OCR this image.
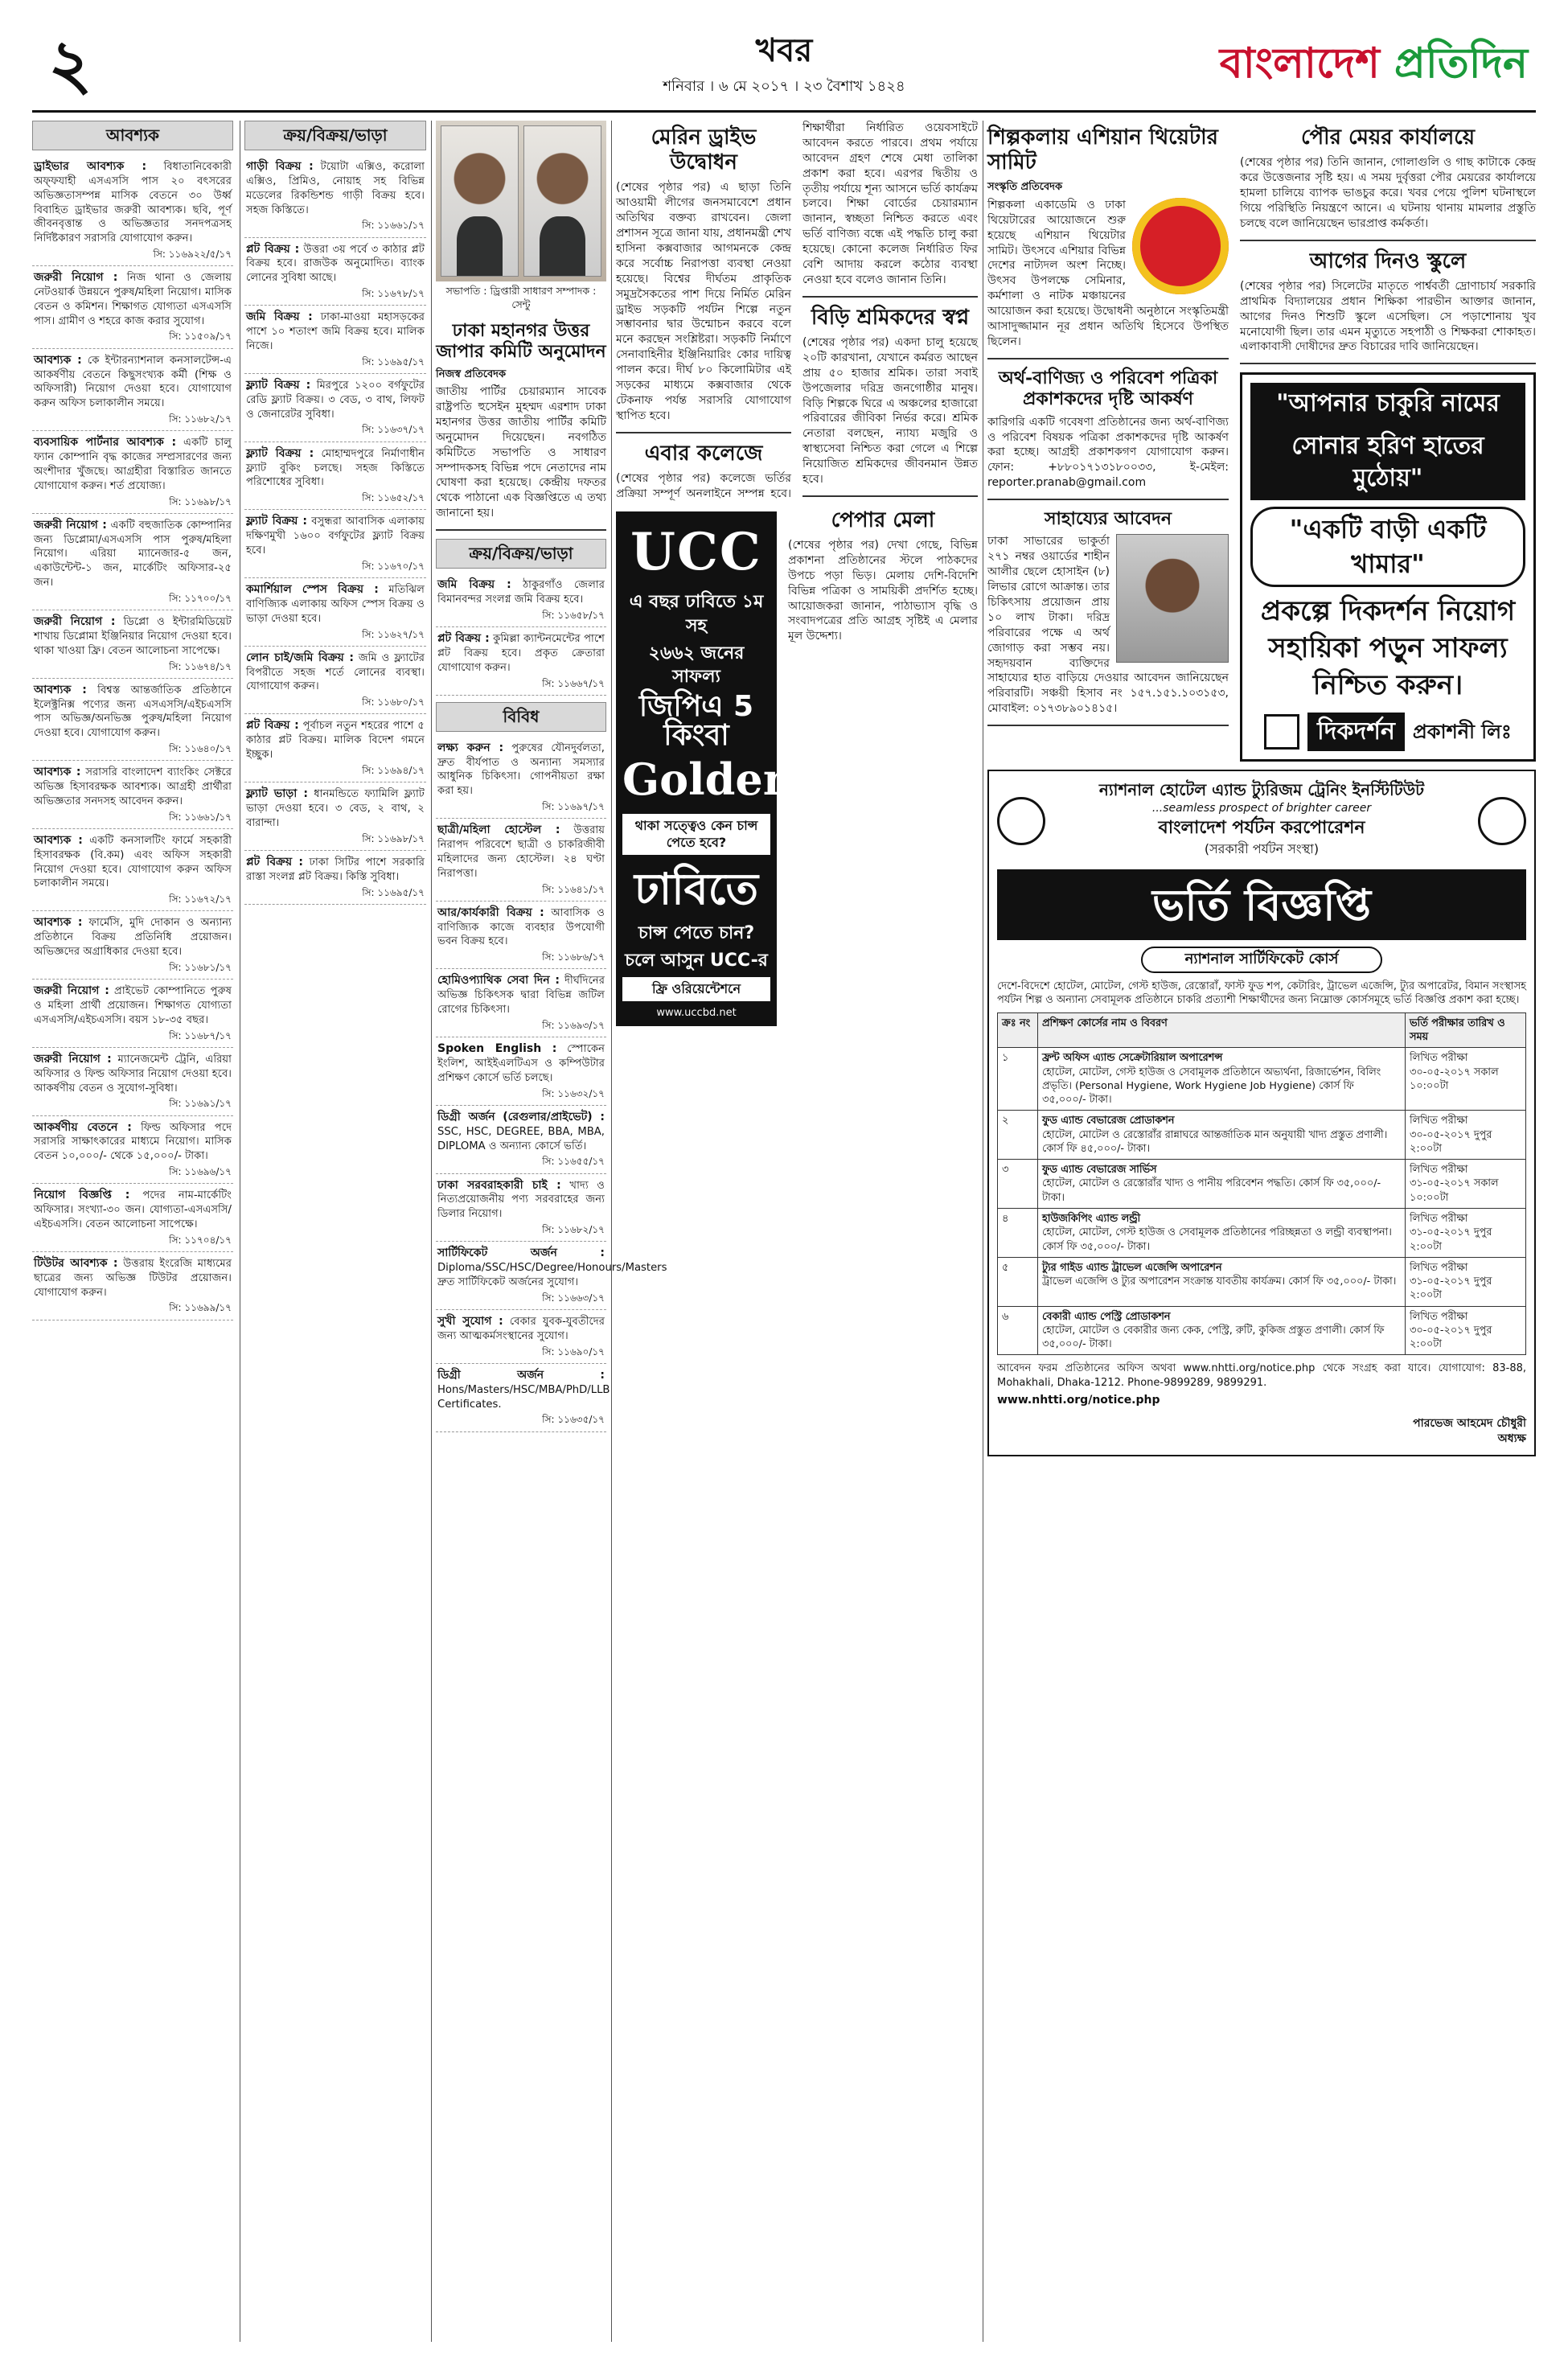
২	খবর
শনিবার । ৬ মে ২০১৭ । ২৩ বৈশাখ ১৪২৪	বাংলাদেশ প্রতিদিন
আবশ্যক
ড্রাইভার আবশ্যক : বিধাতানিবেকারী অফ্ফযাহী এসএসসি পাস ২০ বৎসরের অভিজ্ঞতাসম্পন্ন মাসিক বেতনে ৩০ উর্ধ্ব বিবাহিত ড্রাইভার জরুরী আবশ্যক। ছবি, পূর্ণ জীবনবৃত্তান্ত ও অভিজ্ঞতার সনদপত্রসহ নির্দিষ্টকারণ সরাসরি যোগাযোগ করুন।
সি: ১১৬৯২২/৫/১৭
জরুরী নিয়োগ : নিজ থানা ও জেলায় নেটওয়ার্ক উন্নয়নে পুরুষ/মহিলা নিয়োগ। মাসিক বেতন ও কমিশন। শিক্ষাগত যোগ্যতা এসএসসি পাস। গ্রামীণ ও শহরে কাজ করার সুযোগ।
সি: ১১৫০৯/১৭
আবশ্যক : কে ইন্টারন্যাশনাল কনসালটেন্স-এ আকর্ষণীয় বেতনে কিছুসংখ্যক কর্মী (শিক্ষ ও অফিসারী) নিয়োগ দেওয়া হবে। যোগাযোগ করুন অফিস চলাকালীন সময়ে।
সি: ১১৬৮২/১৭
ব্যবসায়িক পার্টনার আবশ্যক : একটি চালু ফ্যান কোম্পানি বৃদ্ধ কাজের সম্প্রসারণের জন্য অংশীদার খুঁজছে। আগ্রহীরা বিস্তারিত জানতে যোগাযোগ করুন। শর্ত প্রযোজ্য।
সি: ১১৬৯৮/১৭
জরুরী নিয়োগ : একটি বহুজাতিক কোম্পানির জন্য ডিপ্লোমা/এসএসসি পাস পুরুষ/মহিলা নিয়োগ। এরিয়া ম্যানেজার-৫ জন, একাউন্টেন্ট-১ জন, মার্কেটিং অফিসার-২৫ জন।
সি: ১১৭০০/১৭
জরুরী নিয়োগ : ডিপ্লো ও ইন্টারমিডিয়েট শাখায় ডিপ্লোমা ইঞ্জিনিয়ার নিয়োগ দেওয়া হবে। থাকা খাওয়া ফ্রি। বেতন আলোচনা সাপেক্ষে।
সি: ১১৬৭৪/১৭
আবশ্যক : বিশ্বস্ত আন্তর্জাতিক প্রতিষ্ঠানে ইলেক্ট্রনিক্স পণ্যের জন্য এসএসসি/এইচএসসি পাস অভিজ্ঞ/অনভিজ্ঞ পুরুষ/মহিলা নিয়োগ দেওয়া হবে। যোগাযোগ করুন।
সি: ১১৬৪০/১৭
আবশ্যক : সরাসরি বাংলাদেশ ব্যাংকিং সেক্টরে অভিজ্ঞ হিসাবরক্ষক আবশ্যক। আগ্রহী প্রার্থীরা অভিজ্ঞতার সনদসহ আবেদন করুন।
সি: ১১৬৬১/১৭
আবশ্যক : একটি কনসালটিং ফার্মে সহকারী হিসাবরক্ষক (বি.কম) এবং অফিস সহকারী নিয়োগ দেওয়া হবে। যোগাযোগ করুন অফিস চলাকালীন সময়ে।
সি: ১১৬৭২/১৭
আবশ্যক : ফার্মেসি, মুদি দোকান ও অন্যান্য প্রতিষ্ঠানে বিক্রয় প্রতিনিধি প্রয়োজন। অভিজ্ঞদের অগ্রাধিকার দেওয়া হবে।
সি: ১১৬৮১/১৭
জরুরী নিয়োগ : প্রাইভেট কোম্পানিতে পুরুষ ও মহিলা প্রার্থী প্রয়োজন। শিক্ষাগত যোগ্যতা এসএসসি/এইচএসসি। বয়স ১৮-৩৫ বছর।
সি: ১১৬৮৭/১৭
জরুরী নিয়োগ : ম্যানেজমেন্ট ট্রেনি, এরিয়া অফিসার ও ফিল্ড অফিসার নিয়োগ দেওয়া হবে। আকর্ষণীয় বেতন ও সুযোগ-সুবিধা।
সি: ১১৬৯১/১৭
আকর্ষণীয় বেতনে : ফিল্ড অফিসার পদে সরাসরি সাক্ষাৎকারের মাধ্যমে নিয়োগ। মাসিক বেতন ১০,০০০/- থেকে ১৫,০০০/- টাকা।
সি: ১১৬৯৬/১৭
নিয়োগ বিজ্ঞপ্তি : পদের নাম-মার্কেটিং অফিসার। সংখ্যা-৩০ জন। যোগ্যতা-এসএসসি/এইচএসসি। বেতন আলোচনা সাপেক্ষে।
সি: ১১৭০৪/১৭
টিউটর আবশ্যক : উত্তরায় ইংরেজি মাধ্যমের ছাত্রের জন্য অভিজ্ঞ টিউটর প্রয়োজন। যোগাযোগ করুন।
সি: ১১৬৯৯/১৭
ক্রয়/বিক্রয়/ভাড়া
গাড়ী বিক্রয় : টয়োটা এক্সিও, করোলা এক্সিও, প্রিমিও, নোয়াহ সহ বিভিন্ন মডেলের রিকন্ডিশন্ড গাড়ী বিক্রয় হবে। সহজ কিস্তিতে।
সি: ১১৬৬১/১৭
প্লট বিক্রয় : উত্তরা ৩য় পর্বে ৩ কাঠার প্লট বিক্রয় হবে। রাজউক অনুমোদিত। ব্যাংক লোনের সুবিধা আছে।
সি: ১১৬৭৮/১৭
জমি বিক্রয় : ঢাকা-মাওয়া মহাসড়কের পাশে ১০ শতাংশ জমি বিক্রয় হবে। মালিক নিজে।
সি: ১১৬৯৫/১৭
ফ্ল্যাট বিক্রয় : মিরপুরে ১২০০ বর্গফুটের রেডি ফ্ল্যাট বিক্রয়। ৩ বেড, ৩ বাথ, লিফট ও জেনারেটর সুবিধা।
সি: ১১৬৩৭/১৭
ফ্ল্যাট বিক্রয় : মোহাম্মদপুরে নির্মাণাধীন ফ্ল্যাট বুকিং চলছে। সহজ কিস্তিতে পরিশোধের সুবিধা।
সি: ১১৬৫২/১৭
ফ্ল্যাট বিক্রয় : বসুন্ধরা আবাসিক এলাকায় দক্ষিণমুখী ১৬০০ বর্গফুটের ফ্ল্যাট বিক্রয় হবে।
সি: ১১৬৭০/১৭
কমার্শিয়াল স্পেস বিক্রয় : মতিঝিল বাণিজ্যিক এলাকায় অফিস স্পেস বিক্রয় ও ভাড়া দেওয়া হবে।
সি: ১১৬২৭/১৭
লোন চাই/জমি বিক্রয় : জমি ও ফ্ল্যাটের বিপরীতে সহজ শর্তে লোনের ব্যবস্থা। যোগাযোগ করুন।
সি: ১১৬৮০/১৭
প্লট বিক্রয় : পূর্বাচল নতুন শহরের পাশে ৫ কাঠার প্লট বিক্রয়। মালিক বিদেশ গমনে ইচ্ছুক।
সি: ১১৬৯৪/১৭
ফ্ল্যাট ভাড়া : ধানমন্ডিতে ফ্যামিলি ফ্ল্যাট ভাড়া দেওয়া হবে। ৩ বেড, ২ বাথ, ২ বারান্দা।
সি: ১১৬৯৮/১৭
প্লট বিক্রয় : ঢাকা সিটির পাশে সরকারি রাস্তা সংলগ্ন প্লট বিক্রয়। কিস্তি সুবিধা।
সি: ১১৬৯৫/১৭
সভাপতি : ড্রিপ্তারী সাধারণ সম্পাদক : সেন্টু
ঢাকা মহানগর উত্তর জাপার কমিটি অনুমোদন
নিজস্ব প্রতিবেদক
জাতীয় পার্টির চেয়ারম্যান সাবেক রাষ্ট্রপতি হুসেইন মুহম্মদ এরশাদ ঢাকা মহানগর উত্তর জাতীয় পার্টির কমিটি অনুমোদন দিয়েছেন। নবগঠিত কমিটিতে সভাপতি ও সাধারণ সম্পাদকসহ বিভিন্ন পদে নেতাদের নাম ঘোষণা করা হয়েছে। কেন্দ্রীয় দফতর থেকে পাঠানো এক বিজ্ঞপ্তিতে এ তথ্য জানানো হয়।
ক্রয়/বিক্রয়/ভাড়া
জমি বিক্রয় : ঠাকুরগাঁও জেলার বিমানবন্দর সংলগ্ন জমি বিক্রয় হবে।
সি: ১১৬৫৮/১৭
প্লট বিক্রয় : কুমিল্লা ক্যান্টনমেন্টের পাশে প্লট বিক্রয় হবে। প্রকৃত ক্রেতারা যোগাযোগ করুন।
সি: ১১৬৬৭/১৭
বিবিধ
লক্ষ্য করুন : পুরুষের যৌনদুর্বলতা, দ্রুত বীর্যপাত ও অন্যান্য সমস্যার আধুনিক চিকিৎসা। গোপনীয়তা রক্ষা করা হয়।
সি: ১১৬৯৭/১৭
ছাত্রী/মহিলা হোস্টেল : উত্তরায় নিরাপদ পরিবেশে ছাত্রী ও চাকরিজীবী মহিলাদের জন্য হোস্টেল। ২৪ ঘণ্টা নিরাপত্তা।
সি: ১১৬৪১/১৭
আর/কার্যকারী বিক্রয় : আবাসিক ও বাণিজ্যিক কাজে ব্যবহার উপযোগী ভবন বিক্রয় হবে।
সি: ১১৬৮৬/১৭
হোমিওপ্যাথিক সেবা দিন : দীর্ঘদিনের অভিজ্ঞ চিকিৎসক দ্বারা বিভিন্ন জটিল রোগের চিকিৎসা।
সি: ১১৬৯৩/১৭
Spoken English : স্পোকেন ইংলিশ, আইইএলটিএস ও কম্পিউটার প্রশিক্ষণ কোর্সে ভর্তি চলছে।
সি: ১১৬৩২/১৭
ডিগ্রী অর্জন (রেগুলার/প্রাইভেট) : SSC, HSC, DEGREE, BBA, MBA, DIPLOMA ও অন্যান্য কোর্সে ভর্তি।
সি: ১১৬৫৫/১৭
ঢাকা সরবরাহকারী চাই : খাদ্য ও নিত্যপ্রয়োজনীয় পণ্য সরবরাহের জন্য ডিলার নিয়োগ।
সি: ১১৬৮২/১৭
সার্টিফিকেট অর্জন : Diploma/SSC/HSC/Degree/Honours/Masters দ্রুত সার্টিফিকেট অর্জনের সুযোগ।
সি: ১১৬৬৩/১৭
সুখী সুযোগ : বেকার যুবক-যুবতীদের জন্য আত্মকর্মসংস্থানের সুযোগ।
সি: ১১৬৯০/১৭
ডিগ্রী অর্জন : Hons/Masters/HSC/MBA/PhD/LLB Certificates.
সি: ১১৬৩৫/১৭
মেরিন ড্রাইভ উদ্বোধন
(শেষের পৃষ্ঠার পর) এ ছাড়া তিনি আওয়ামী লীগের জনসমাবেশে প্রধান অতিথির বক্তব্য রাখবেন। জেলা প্রশাসন সূত্রে জানা যায়, প্রধানমন্ত্রী শেখ হাসিনা কক্সবাজার আগমনকে কেন্দ্র করে সর্বোচ্চ নিরাপত্তা ব্যবস্থা নেওয়া হয়েছে। বিশ্বের দীর্ঘতম প্রাকৃতিক সমুদ্রসৈকতের পাশ দিয়ে নির্মিত মেরিন ড্রাইভ সড়কটি পর্যটন শিল্পে নতুন সম্ভাবনার দ্বার উন্মোচন করবে বলে মনে করছেন সংশ্লিষ্টরা। সড়কটি নির্মাণে সেনাবাহিনীর ইঞ্জিনিয়ারিং কোর দায়িত্ব পালন করে। দীর্ঘ ৮০ কিলোমিটার এই সড়কের মাধ্যমে কক্সবাজার থেকে টেকনাফ পর্যন্ত সরাসরি যোগাযোগ স্থাপিত হবে।
এবার কলেজে
(শেষের পৃষ্ঠার পর) কলেজে ভর্তির প্রক্রিয়া সম্পূর্ণ অনলাইনে সম্পন্ন হবে। শিক্ষার্থীরা নির্ধারিত ওয়েবসাইটে আবেদন করতে পারবে। প্রথম পর্যায়ে আবেদন গ্রহণ শেষে মেধা তালিকা প্রকাশ করা হবে। এরপর দ্বিতীয় ও তৃতীয় পর্যায়ে শূন্য আসনে ভর্তি কার্যক্রম চলবে। শিক্ষা বোর্ডের চেয়ারম্যান জানান, স্বচ্ছতা নিশ্চিত করতে এবং ভর্তি বাণিজ্য বন্ধে এই পদ্ধতি চালু করা হয়েছে। কোনো কলেজ নির্ধারিত ফির বেশি আদায় করলে কঠোর ব্যবস্থা নেওয়া হবে বলেও জানান তিনি।
বিড়ি শ্রমিকদের স্বপ্ন
(শেষের পৃষ্ঠার পর) একদা চালু হয়েছে ২০টি কারখানা, যেখানে কর্মরত আছেন প্রায় ৫০ হাজার শ্রমিক। তারা সবাই উপজেলার দরিদ্র জনগোষ্ঠীর মানুষ। বিড়ি শিল্পকে ঘিরে এ অঞ্চলের হাজারো পরিবারের জীবিকা নির্ভর করে। শ্রমিক নেতারা বলছেন, ন্যায্য মজুরি ও স্বাস্থ্যসেবা নিশ্চিত করা গেলে এ শিল্পে নিয়োজিত শ্রমিকদের জীবনমান উন্নত হবে।
UCC
এ বছর ঢাবিতে ১ম সহ
২৬৬২ জনের সাফল্য
জিপিএ 5 কিংবা
Golden
থাকা সত্ত্বেও কেন চান্স পেতে হবে?
ঢাবিতে
চান্স পেতে চান?
চলে আসুন UCC-র
ফ্রি ওরিয়েন্টেশনে
www.uccbd.net
পেপার মেলা
(শেষের পৃষ্ঠার পর) দেখা গেছে, বিভিন্ন প্রকাশনা প্রতিষ্ঠানের স্টলে পাঠকদের উপচে পড়া ভিড়। মেলায় দেশি-বিদেশি বিভিন্ন পত্রিকা ও সাময়িকী প্রদর্শিত হচ্ছে। আয়োজকরা জানান, পাঠাভ্যাস বৃদ্ধি ও সংবাদপত্রের প্রতি আগ্রহ সৃষ্টিই এ মেলার মূল উদ্দেশ্য।
শিল্পকলায় এশিয়ান থিয়েটার সামিট
সংস্কৃতি প্রতিবেদক
শিল্পকলা একাডেমি ও ঢাকা থিয়েটারের আয়োজনে শুরু হয়েছে এশিয়ান থিয়েটার সামিট। উৎসবে এশিয়ার বিভিন্ন দেশের নাট্যদল অংশ নিচ্ছে। উৎসব উপলক্ষে সেমিনার, কর্মশালা ও নাটক মঞ্চায়নের আয়োজন করা হয়েছে। উদ্বোধনী অনুষ্ঠানে সংস্কৃতিমন্ত্রী আসাদুজ্জামান নূর প্রধান অতিথি হিসেবে উপস্থিত ছিলেন।
অর্থ-বাণিজ্য ও পরিবেশ পত্রিকা প্রকাশকদের দৃষ্টি আকর্ষণ
কারিগরি একটি গবেষণা প্রতিষ্ঠানের জন্য অর্থ-বাণিজ্য ও পরিবেশ বিষয়ক পত্রিকা প্রকাশকদের দৃষ্টি আকর্ষণ করা হচ্ছে। আগ্রহী প্রকাশকগণ যোগাযোগ করুন। ফোন: +৮৮০১৭১৩১৮০০৩৩, ই-মেইল: reporter.pranab@gmail.com
সাহায্যের আবেদন
ঢাকা সাভারের ভাকুর্তা ২৭১ নম্বর ওয়ার্ডের শাহীন আলীর ছেলে হোসাইন (৮) লিভার রোগে আক্রান্ত। তার চিকিৎসায় প্রয়োজন প্রায় ১০ লাখ টাকা। দরিদ্র পরিবারের পক্ষে এ অর্থ জোগাড় করা সম্ভব নয়। সহৃদয়বান ব্যক্তিদের সাহায্যের হাত বাড়িয়ে দেওয়ার আবেদন জানিয়েছেন পরিবারটি। সঞ্চয়ী হিসাব নং ১৫৭.১৫১.১০৩১৫৩, মোবাইল: ০১৭৩৮৯০১৪১৫।
পৌর মেয়র কার্যালয়ে
(শেষের পৃষ্ঠার পর) তিনি জানান, গোলাগুলি ও গাছ কাটাকে কেন্দ্র করে উত্তেজনার সৃষ্টি হয়। এ সময় দুর্বৃত্তরা পৌর মেয়রের কার্যালয়ে হামলা চালিয়ে ব্যাপক ভাঙচুর করে। খবর পেয়ে পুলিশ ঘটনাস্থলে গিয়ে পরিস্থিতি নিয়ন্ত্রণে আনে। এ ঘটনায় থানায় মামলার প্রস্তুতি চলছে বলে জানিয়েছেন ভারপ্রাপ্ত কর্মকর্তা।
আগের দিনও স্কুলে
(শেষের পৃষ্ঠার পর) সিলেটের মাতৃতে পার্শ্ববর্তী দ্রোণাচার্য সরকারি প্রাথমিক বিদ্যালয়ের প্রধান শিক্ষিকা পারভীন আক্তার জানান, আগের দিনও শিশুটি স্কুলে এসেছিল। সে পড়াশোনায় খুব মনোযোগী ছিল। তার এমন মৃত্যুতে সহপাঠী ও শিক্ষকরা শোকাহত। এলাকাবাসী দোষীদের দ্রুত বিচারের দাবি জানিয়েছেন।
"আপনার চাকুরি নামের
সোনার হরিণ হাতের মুঠোয়"
"একটি বাড়ী একটি খামার"
প্রকল্পে দিকদর্শন নিয়োগ
সহায়িকা পড়ুন সাফল্য
নিশ্চিত করুন।
দিকদর্শন প্রকাশনী লিঃ
ন্যাশনাল হোটেল এ্যান্ড ট্যুরিজম ট্রেনিং ইনস্টিটিউট
...seamless prospect of brighter career
বাংলাদেশ পর্যটন করপোরেশন
(সরকারী পর্যটন সংস্থা)
ভর্তি বিজ্ঞপ্তি
ন্যাশনাল সার্টিফিকেট কোর্স
দেশে-বিদেশে হোটেল, মোটেল, গেস্ট হাউজ, রেস্তোরাঁ, ফাস্ট ফুড শপ, কেটারিং, ট্রাভেল এজেন্সি, ট্যুর অপারেটর, বিমান সংস্থাসহ পর্যটন শিল্প ও অন্যান্য সেবামূলক প্রতিষ্ঠানে চাকরি প্রত্যাশী শিক্ষার্থীদের জন্য নিম্নোক্ত কোর্সসমূহে ভর্তি বিজ্ঞপ্তি প্রকাশ করা হচ্ছে।
ক্রঃ নং	প্রশিক্ষণ কোর্সের নাম ও বিবরণ	ভর্তি পরীক্ষার তারিখ ও সময়
১	ফ্রন্ট অফিস এ্যান্ড সেক্রেটারিয়াল অপারেশন্স
হোটেল, মোটেল, গেস্ট হাউজ ও সেবামূলক প্রতিষ্ঠানে অভ্যর্থনা, রিজার্ভেশন, বিলিং প্রভৃতি। (Personal Hygiene, Work Hygiene Job Hygiene) কোর্স ফি ৩৫,০০০/- টাকা।	লিখিত পরীক্ষা ৩০-০৫-২০১৭ সকাল ১০:০০টা
২	ফুড এ্যান্ড বেভারেজ প্রোডাকশন
হোটেল, মোটেল ও রেস্তোরাঁর রান্নাঘরে আন্তর্জাতিক মান অনুযায়ী খাদ্য প্রস্তুত প্রণালী। কোর্স ফি ৪৫,০০০/- টাকা।	লিখিত পরীক্ষা ৩০-০৫-২০১৭ দুপুর ২:০০টা
৩	ফুড এ্যান্ড বেভারেজ সার্ভিস
হোটেল, মোটেল ও রেস্তোরাঁর খাদ্য ও পানীয় পরিবেশন পদ্ধতি। কোর্স ফি ৩৫,০০০/- টাকা।	লিখিত পরীক্ষা ৩১-০৫-২০১৭ সকাল ১০:০০টা
৪	হাউজকিপিং এ্যান্ড লন্ড্রী
হোটেল, মোটেল, গেস্ট হাউজ ও সেবামূলক প্রতিষ্ঠানের পরিচ্ছন্নতা ও লন্ড্রী ব্যবস্থাপনা। কোর্স ফি ৩৫,০০০/- টাকা।	লিখিত পরীক্ষা ৩১-০৫-২০১৭ দুপুর ২:০০টা
৫	ট্যুর গাইড এ্যান্ড ট্রাভেল এজেন্সি অপারেশন
ট্রাভেল এজেন্সি ও ট্যুর অপারেশন সংক্রান্ত যাবতীয় কার্যক্রম। কোর্স ফি ৩৫,০০০/- টাকা।	লিখিত পরীক্ষা ৩১-০৫-২০১৭ দুপুর ২:০০টা
৬	বেকারী এ্যান্ড পেস্ট্রি প্রোডাকশন
হোটেল, মোটেল ও বেকারীর জন্য কেক, পেস্ট্রি, রুটি, কুকিজ প্রস্তুত প্রণালী। কোর্স ফি ৩৫,০০০/- টাকা।	লিখিত পরীক্ষা ৩০-০৫-২০১৭ দুপুর ২:০০টা
আবেদন ফরম প্রতিষ্ঠানের অফিস অথবা www.nhtti.org/notice.php থেকে সংগ্রহ করা যাবে। যোগাযোগ: 83-88, Mohakhali, Dhaka-1212. Phone-9899289, 9899291.
www.nhtti.org/notice.php
পারভেজ আহমেদ চৌধুরী
অধ্যক্ষ
